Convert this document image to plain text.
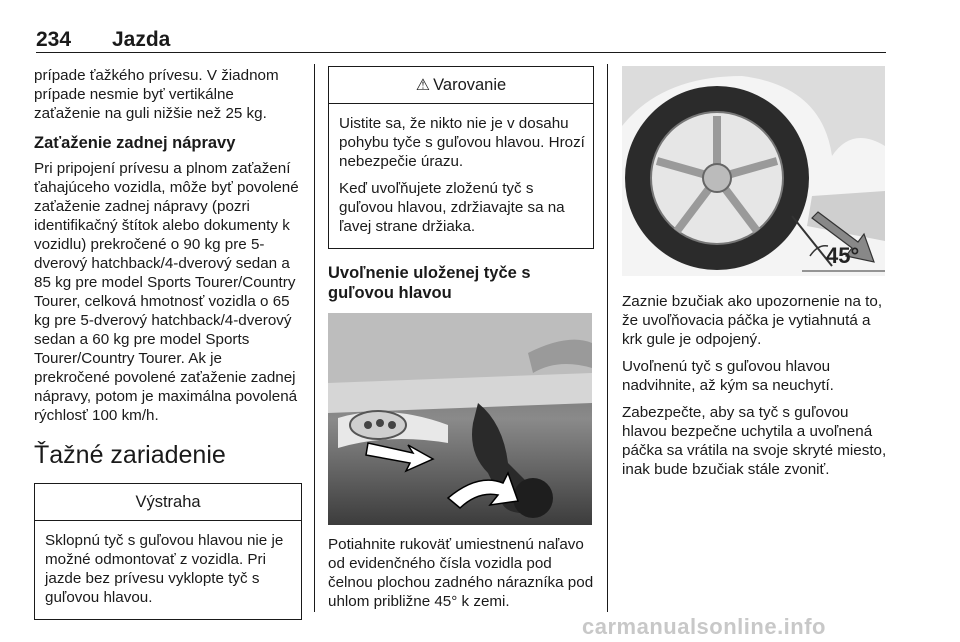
234 Jazda

prípade ťažkého prívesu. V žiadnom prípade nesmie byť vertikálne zaťaženie na guli nižšie než 25 kg.

Zaťaženie zadnej nápravy

Pri pripojení prívesu a plnom zaťažení ťahajúceho vozidla, môže byť povolené zaťaženie zadnej nápravy (pozri identifikačný štítok alebo dokumenty k vozidlu) prekročené o 90 kg pre 5-dverový hatchback/4-dverový sedan a 85 kg pre model Sports Tourer/Country Tourer, celková hmotnosť vozidla o 65 kg pre 5-dverový hatchback/4-dverový sedan a 60 kg pre model Sports Tourer/Country Tourer. Ak je prekročené povolené zaťaženie zadnej nápravy, potom je maximálna povolená rýchlosť 100 km/h.

Ťažné zariadenie
Výstraha

Sklopnú tyč s guľovou hlavou nie je možné odmontovať z vozidla. Pri jazde bez prívesu vyklopte tyč s guľovou hlavou.

⚠ Varovanie

Uistite sa, že nikto nie je v dosahu pohybu tyče s guľovou hlavou. Hrozí nebezpečie úrazu.

Keď uvoľňujete zloženú tyč s guľovou hlavou, zdržiavajte sa na ľavej strane držiaka.

Uvoľnenie uloženej tyče s guľovou hlavou

Potiahnite rukoväť umiestnenú naľavo od evidenčného čísla vozidla pod čelnou plochou zadného nárazníka pod uhlom približne 45° k zemi.

45°

Zaznie bzučiak ako upozornenie na to, že uvoľňovacia páčka je vytiahnutá a krk gule je odpojený.

Uvoľnenú tyč s guľovou hlavou nadvihnite, až kým sa neuchytí.

Zabezpečte, aby sa tyč s guľovou hlavou bezpečne uchytila a uvoľnená páčka sa vrátila na svoje skryté miesto, inak bude bzučiak stále zvoniť.

carmanualsonline.info
